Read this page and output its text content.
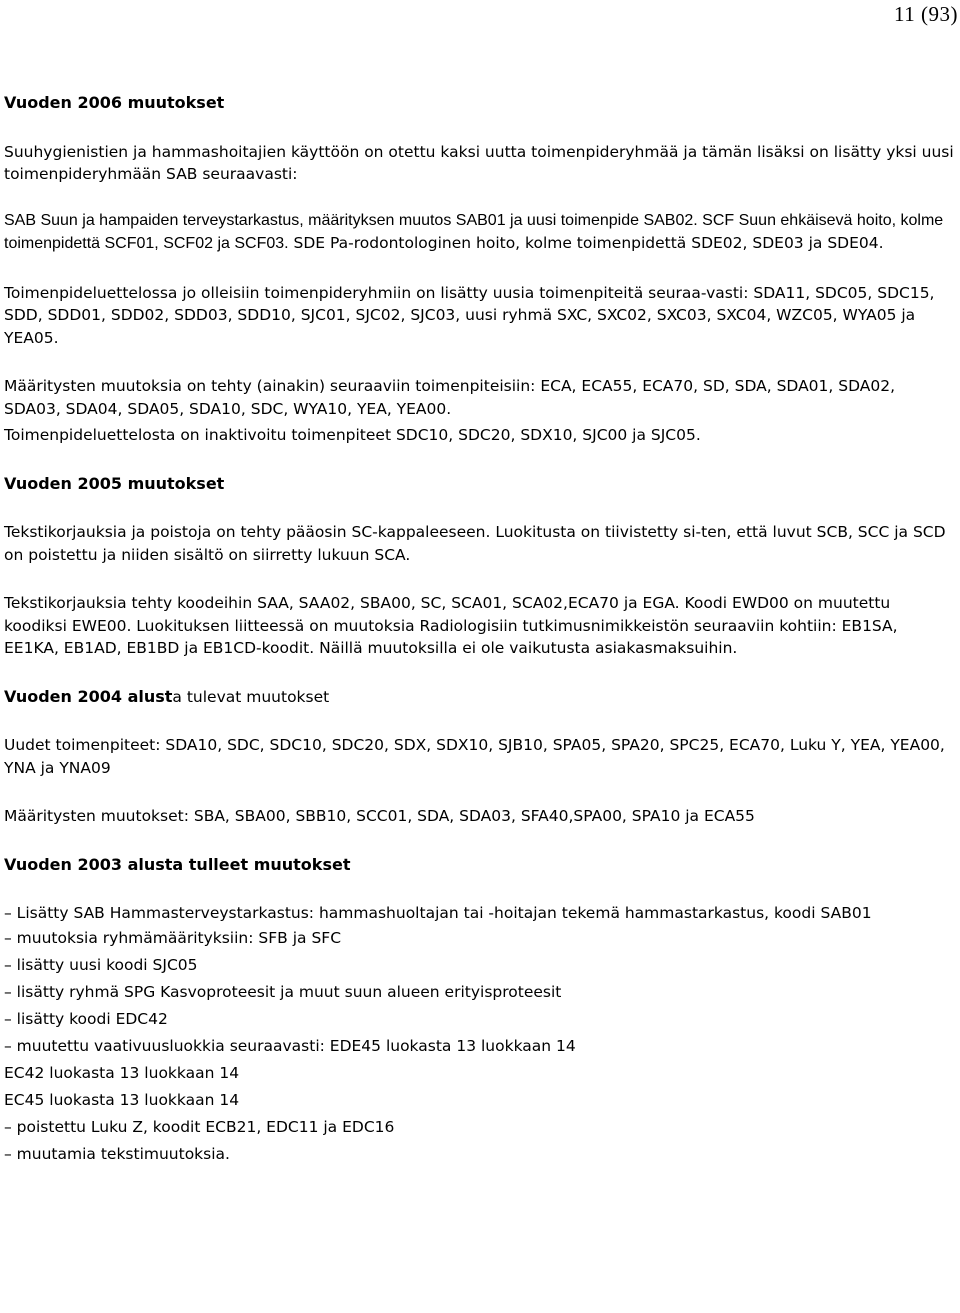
11 (93)

Vuoden 2006 muutokset

Suuhygienistien ja hammashoitajien käyttöön on otettu kaksi uutta toimenpideryhmää ja tämän lisäksi on lisätty yksi uusi toimenpideryhmään SAB seuraavasti:

SAB Suun ja hampaiden terveystarkastus, määrityksen muutos SAB01 ja uusi toimenpide SAB02. SCF Suun ehkäisevä hoito, kolme toimenpidettä SCF01, SCF02 ja SCF03. SDE Pa-rodontologinen hoito, kolme toimenpidettä SDE02, SDE03 ja SDE04.

Toimenpideluettelossa jo olleisiin toimenpideryhmiin on lisätty uusia toimenpiteitä seuraa-vasti: SDA11, SDC05, SDC15, SDD, SDD01, SDD02, SDD03, SDD10, SJC01, SJC02, SJC03, uusi ryhmä SXC, SXC02, SXC03, SXC04, WZC05, WYA05 ja YEA05.

Määritysten muutoksia on tehty (ainakin) seuraaviin toimenpiteisiin: ECA, ECA55, ECA70, SD, SDA, SDA01, SDA02, SDA03, SDA04, SDA05, SDA10, SDC, WYA10, YEA, YEA00.

Toimenpideluettelosta on inaktivoitu toimenpiteet SDC10, SDC20, SDX10, SJC00 ja SJC05.

Vuoden 2005 muutokset

Tekstikorjauksia ja poistoja on tehty pääosin SC-kappaleeseen. Luokitusta on tiivistetty si-ten, että luvut SCB, SCC ja SCD on poistettu ja niiden sisältö on siirretty lukuun SCA.

Tekstikorjauksia tehty koodeihin SAA, SAA02, SBA00, SC, SCA01, SCA02,ECA70 ja EGA. Koodi EWD00 on muutettu koodiksi EWE00. Luokituksen liitteessä on muutoksia Radiologisiin tutkimusnimikkeistön seuraaviin kohtiin: EB1SA, EE1KA, EB1AD, EB1BD ja EB1CD-koodit. Näillä muutoksilla ei ole vaikutusta asiakasmaksuihin.

Vuoden 2004 alusta tulevat muutokset

Uudet toimenpiteet: SDA10, SDC, SDC10, SDC20, SDX, SDX10, SJB10, SPA05, SPA20, SPC25, ECA70, Luku Y, YEA, YEA00, YNA ja YNA09

Määritysten muutokset: SBA, SBA00, SBB10, SCC01, SDA, SDA03, SFA40,SPA00, SPA10 ja ECA55

Vuoden 2003 alusta tulleet muutokset

– Lisätty SAB Hammasterveystarkastus: hammashuoltajan tai -hoitajan tekemä hammastarkastus, koodi SAB01

– muutoksia ryhmämäärityksiin: SFB ja SFC

– lisätty uusi koodi SJC05

– lisätty ryhmä SPG Kasvoproteesit ja muut suun alueen erityisproteesit

– lisätty koodi EDC42

– muutettu vaativuusluokkia seuraavasti: EDE45 luokasta 13 luokkaan 14

EC42 luokasta 13 luokkaan 14

EC45 luokasta 13 luokkaan 14

– poistettu Luku Z, koodit ECB21, EDC11 ja EDC16

– muutamia tekstimuutoksia.
